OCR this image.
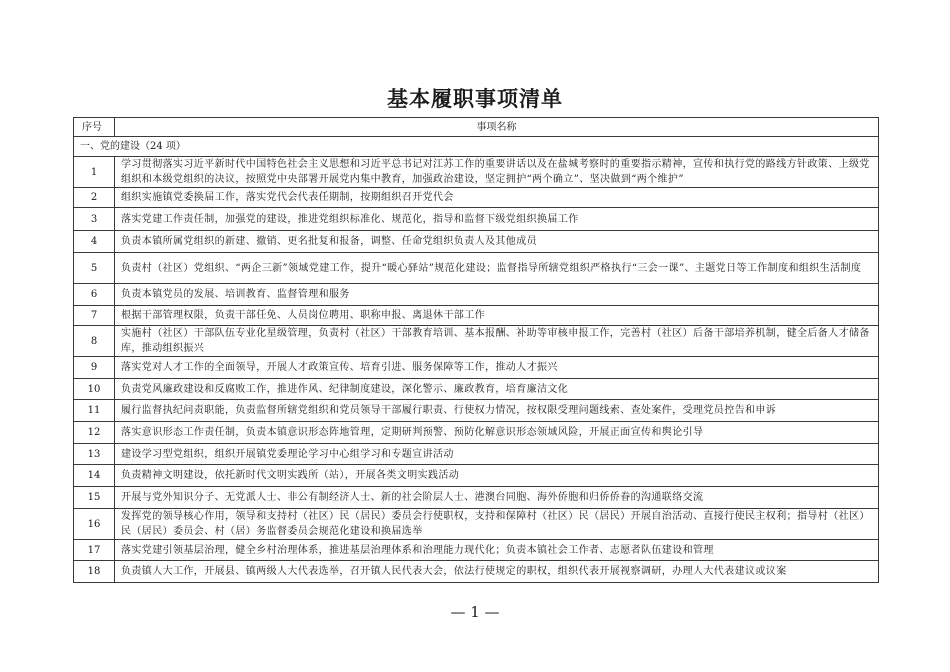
基本履职事项清单
序号	事项名称
一、党的建设（24 项）	
1	学习贯彻落实习近平新时代中国特色社会主义思想和习近平总书记对江苏工作的重要讲话以及在盐城考察时的重要指示精神，宣传和执行党的路线方针政策、上级党组织和本级党组织的决议，按照党中央部署开展党内集中教育，加强政治建设，坚定拥护“两个确立”、坚决做到“两个维护”
2	组织实施镇党委换届工作，落实党代会代表任期制，按期组织召开党代会
3	落实党建工作责任制，加强党的建设，推进党组织标准化、规范化，指导和监督下级党组织换届工作
4	负责本镇所属党组织的新建、撤销、更名批复和报备，调整、任命党组织负责人及其他成员
5	负责村（社区）党组织、“两企三新”领域党建工作，提升“暖心驿站”规范化建设；监督指导所辖党组织严格执行“三会一课”、主题党日等工作制度和组织生活制度
6	负责本镇党员的发展、培训教育、监督管理和服务
7	根据干部管理权限，负责干部任免、人员岗位聘用、职称申报、离退休干部工作
8	实施村（社区）干部队伍专业化星级管理，负责村（社区）干部教育培训、基本报酬、补助等审核申报工作，完善村（社区）后备干部培养机制，健全后备人才储备库，推动组织振兴
9	落实党对人才工作的全面领导，开展人才政策宣传、培育引进、服务保障等工作，推动人才振兴
10	负责党风廉政建设和反腐败工作，推进作风、纪律制度建设，深化警示、廉政教育，培育廉洁文化
11	履行监督执纪问责职能，负责监督所辖党组织和党员领导干部履行职责、行使权力情况，按权限受理问题线索、查处案件，受理党员控告和申诉
12	落实意识形态工作责任制，负责本镇意识形态阵地管理，定期研判预警、预防化解意识形态领域风险，开展正面宣传和舆论引导
13	建设学习型党组织，组织开展镇党委理论学习中心组学习和专题宣讲活动
14	负责精神文明建设，依托新时代文明实践所（站），开展各类文明实践活动
15	开展与党外知识分子、无党派人士、非公有制经济人士、新的社会阶层人士、港澳台同胞、海外侨胞和归侨侨眷的沟通联络交流
16	发挥党的领导核心作用，领导和支持村（社区）民（居民）委员会行使职权，支持和保障村（社区）民（居民）开展自治活动、直接行使民主权利；指导村（社区）民（居民）委员会、村（居）务监督委员会规范化建设和换届选举
17	落实党建引领基层治理，健全乡村治理体系，推进基层治理体系和治理能力现代化；负责本镇社会工作者、志愿者队伍建设和管理
18	负责镇人大工作，开展县、镇两级人大代表选举，召开镇人民代表大会，依法行使规定的职权，组织代表开展视察调研，办理人大代表建议或议案
— 1 —
